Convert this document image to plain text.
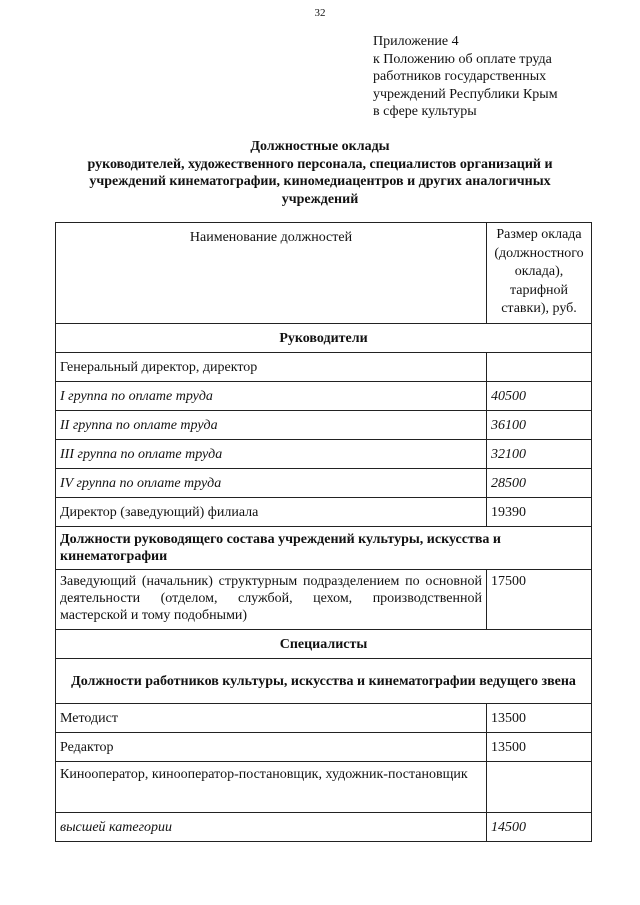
32
Приложение 4
к Положению об оплате труда
работников государственных
учреждений Республики Крым
в сфере культуры
Должностные оклады
руководителей, художественного персонала, специалистов организаций и
учреждений кинематографии, киномедиацентров и других аналогичных
учреждений
Наименование должностей	Размер оклада
(должностного
оклада),
тарифной
ставки), руб.

Руководители	
Генеральный директор, директор	
I группа по оплате труда	40500
II группа по оплате труда	36100
III группа по оплате труда	32100
IV группа по оплате труда	28500
Директор (заведующий) филиала	19390
Должности руководящего состава учреждений культуры, искусства и кинематографии	
Заведующий (начальник) структурным подразделением по основной деятельности (отделом, службой, цехом, производственной мастерской и тому подобными)	17500
Специалисты	
Должности работников культуры, искусства и кинематографии ведущего звена	
Методист	13500
Редактор	13500
Кинооператор, кинооператор-постановщик, художник-постановщик	
высшей категории	14500
